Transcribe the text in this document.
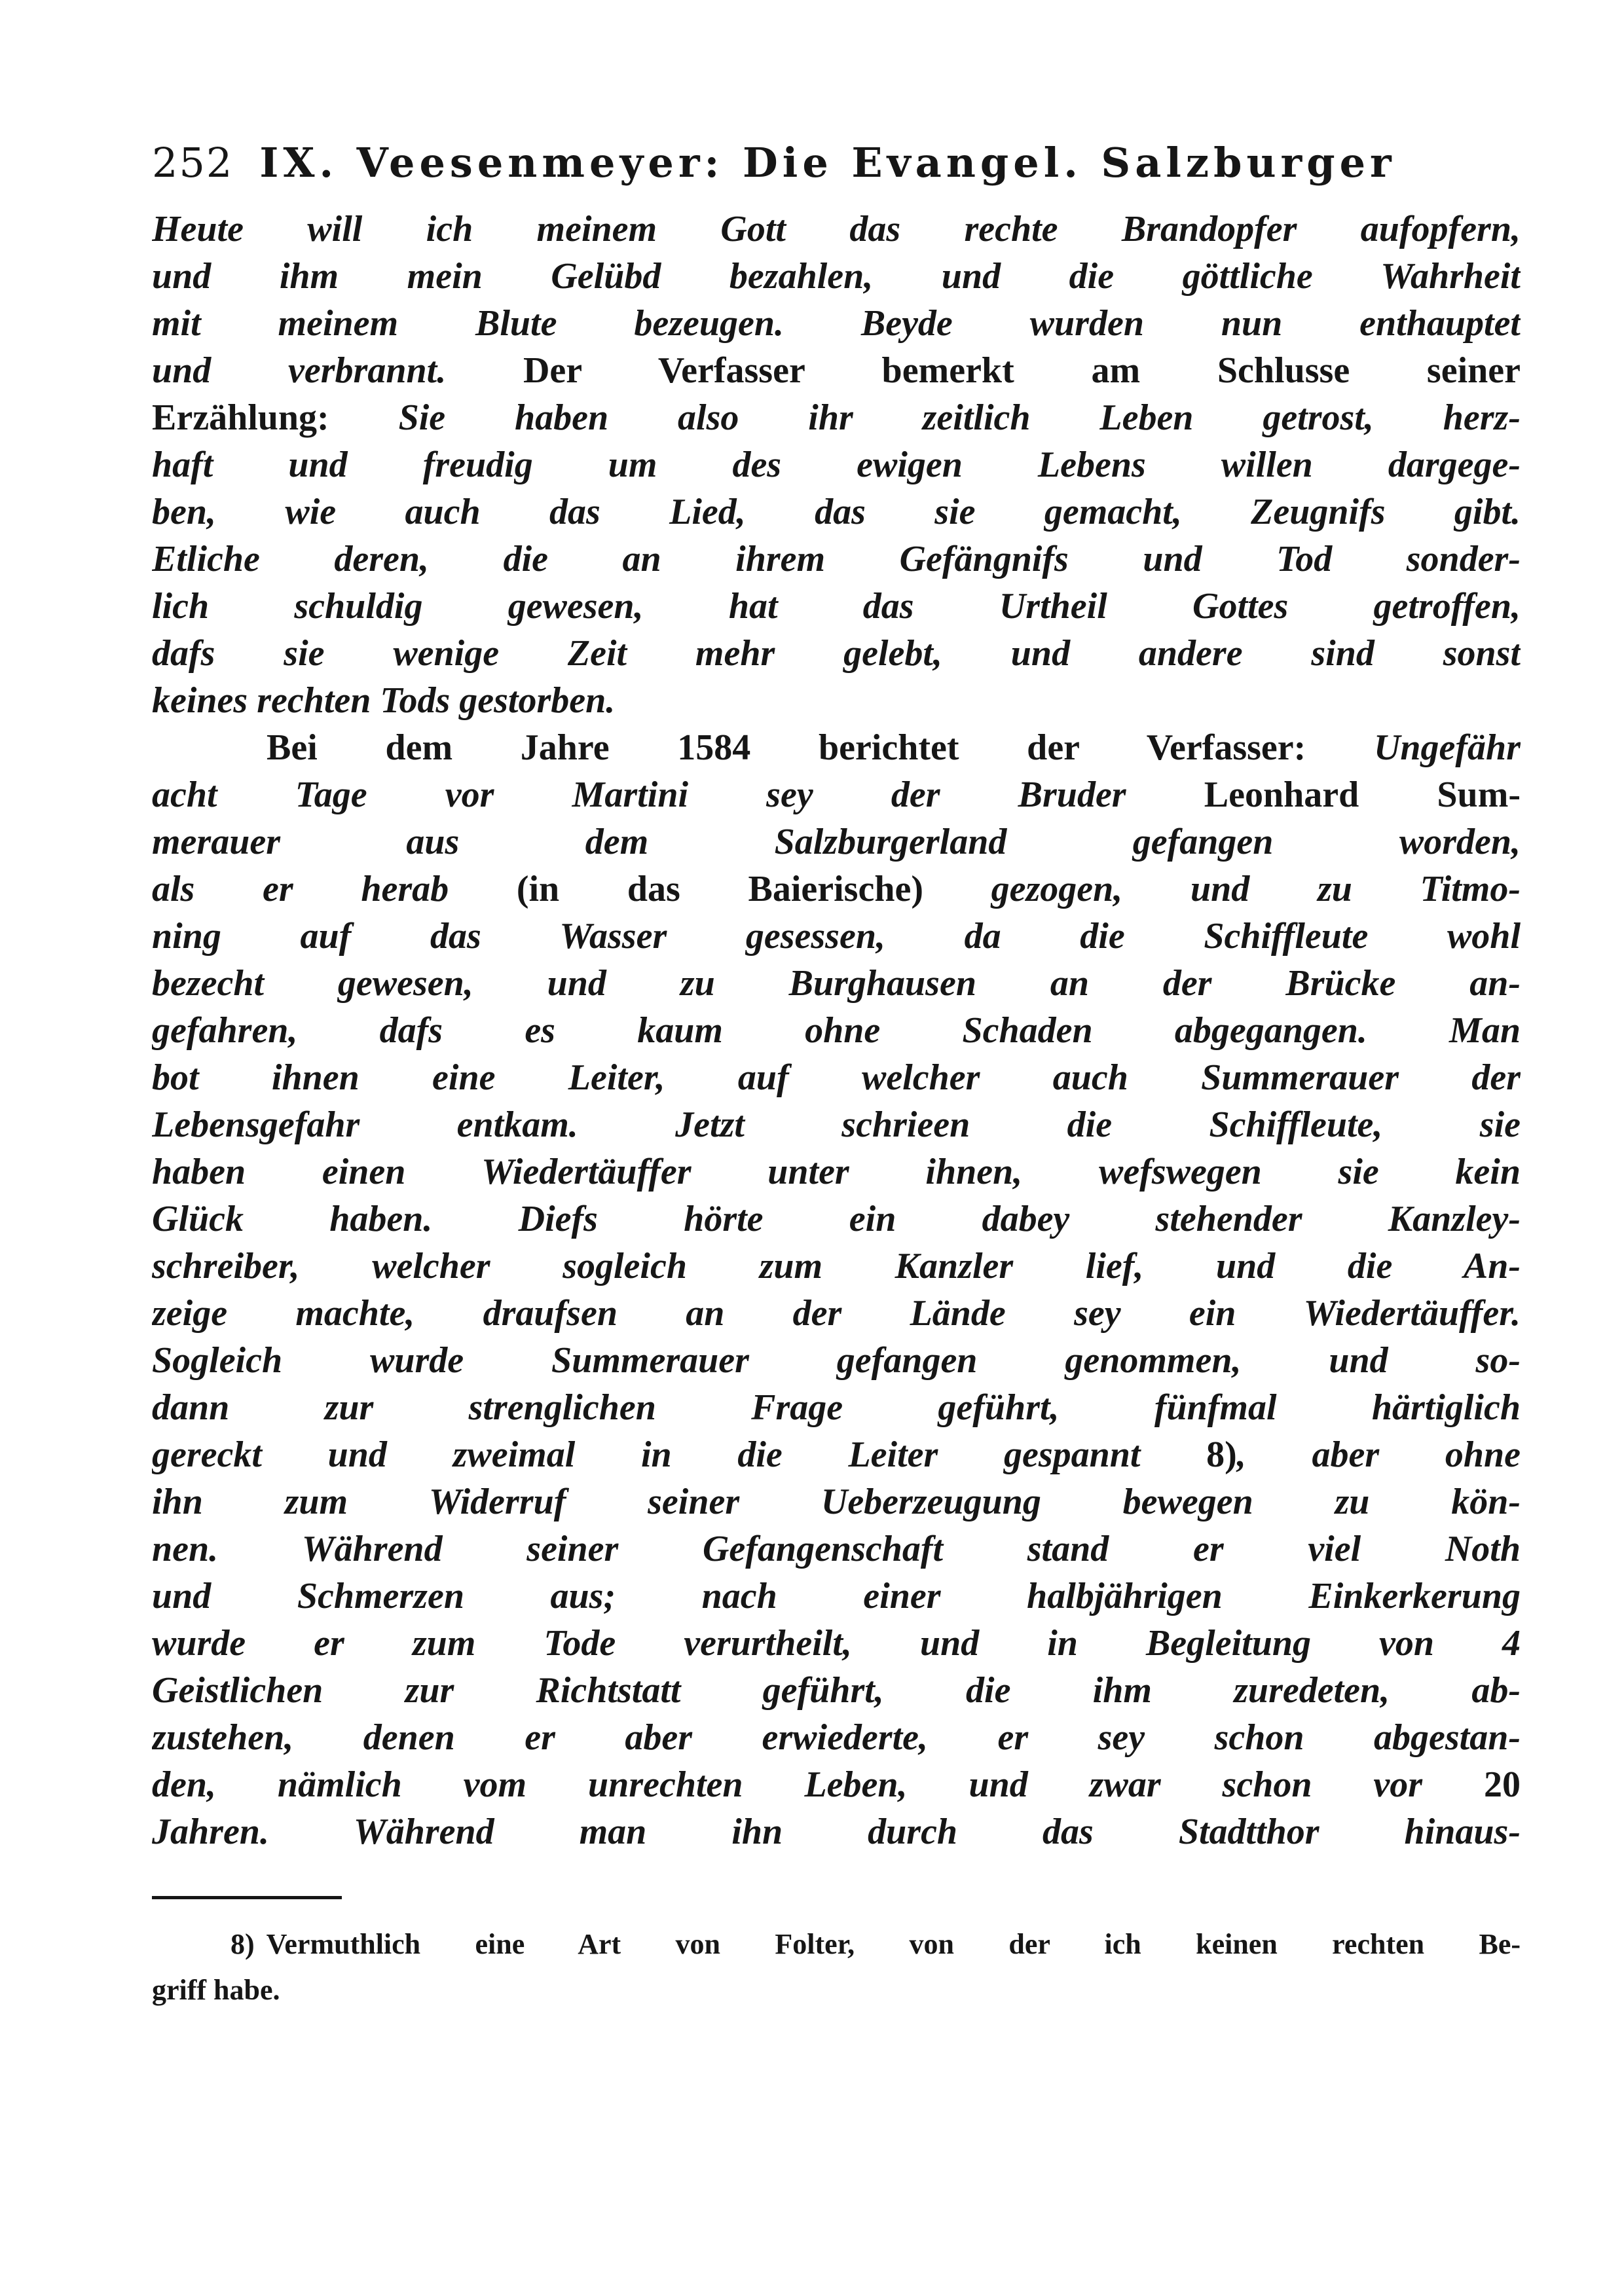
252 IX. Veesenmeyer: Die Evangel. Salzburger
Heute will ich meinem Gott das rechte Brandopfer aufopfern,
und ihm mein Gelübd bezahlen, und die göttliche Wahrheit
mit meinem Blute bezeugen. Beyde wurden nun enthauptet
und verbrannt. Der Verfasser bemerkt am Schlusse seiner
Erzählung: Sie haben also ihr zeitlich Leben getrost, herz-
haft und freudig um des ewigen Lebens willen dargege-
ben, wie auch das Lied, das sie gemacht, Zeugnifs gibt.
Etliche deren, die an ihrem Gefängnifs und Tod sonder-
lich schuldig gewesen, hat das Urtheil Gottes getroffen,
dafs sie wenige Zeit mehr gelebt, und andere sind sonst
keines rechten Tods gestorben.
Bei dem Jahre 1584 berichtet der Verfasser: Ungefähr
acht Tage vor Martini sey der Bruder Leonhard Sum-
merauer aus dem Salzburgerland gefangen worden,
als er herab (in das Baierische) gezogen, und zu Titmo-
ning auf das Wasser gesessen, da die Schiffleute wohl
bezecht gewesen, und zu Burghausen an der Brücke an-
gefahren, dafs es kaum ohne Schaden abgegangen. Man
bot ihnen eine Leiter, auf welcher auch Summerauer der
Lebensgefahr entkam. Jetzt schrieen die Schiffleute, sie
haben einen Wiedertäuffer unter ihnen, wefswegen sie kein
Glück haben. Diefs hörte ein dabey stehender Kanzley-
schreiber, welcher sogleich zum Kanzler lief, und die An-
zeige machte, draufsen an der Lände sey ein Wiedertäuffer.
Sogleich wurde Summerauer gefangen genommen, und so-
dann zur strenglichen Frage geführt, fünfmal härtiglich
gereckt und zweimal in die Leiter gespannt 8), aber ohne
ihn zum Widerruf seiner Ueberzeugung bewegen zu kön-
nen. Während seiner Gefangenschaft stand er viel Noth
und Schmerzen aus; nach einer halbjährigen Einkerkerung
wurde er zum Tode verurtheilt, und in Begleitung von 4
Geistlichen zur Richtstatt geführt, die ihm zuredeten, ab-
zustehen, denen er aber erwiederte, er sey schon abgestan-
den, nämlich vom unrechten Leben, und zwar schon vor 20
Jahren. Während man ihn durch das Stadtthor hinaus-
8) Vermuthlich eine Art von Folter, von der ich keinen rechten Be-
griff habe.
